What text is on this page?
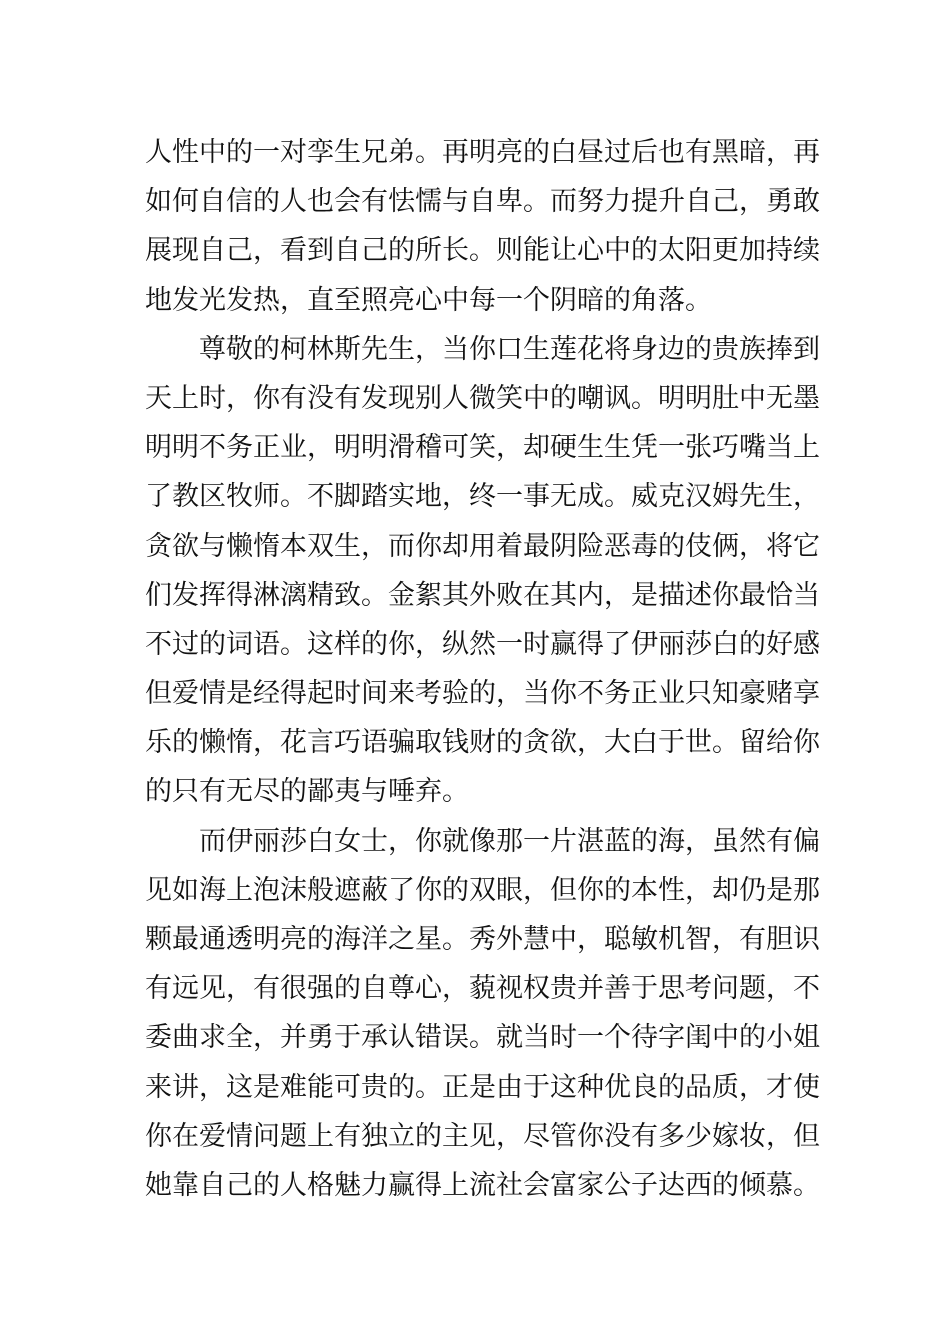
人性中的一对孪生兄弟。再明亮的白昼过后也有黑暗，再
如何自信的人也会有怯懦与自卑。而努力提升自己，勇敢
展现自己，看到自己的所长。则能让心中的太阳更加持续
地发光发热，直至照亮心中每一个阴暗的角落。
尊敬的柯林斯先生，当你口生莲花将身边的贵族捧到
天上时，你有没有发现别人微笑中的嘲讽。明明肚中无墨
明明不务正业，明明滑稽可笑，却硬生生凭一张巧嘴当上
了教区牧师。不脚踏实地，终一事无成。威克汉姆先生，
贪欲与懒惰本双生，而你却用着最阴险恶毒的伎俩，将它
们发挥得淋漓精致。金絮其外败在其内，是描述你最恰当
不过的词语。这样的你，纵然一时赢得了伊丽莎白的好感
但爱情是经得起时间来考验的，当你不务正业只知豪赌享
乐的懒惰，花言巧语骗取钱财的贪欲，大白于世。留给你
的只有无尽的鄙夷与唾弃。
而伊丽莎白女士，你就像那一片湛蓝的海，虽然有偏
见如海上泡沫般遮蔽了你的双眼，但你的本性，却仍是那
颗最通透明亮的海洋之星。秀外慧中，聪敏机智，有胆识
有远见，有很强的自尊心，藐视权贵并善于思考问题，不
委曲求全，并勇于承认错误。就当时一个待字闺中的小姐
来讲，这是难能可贵的。正是由于这种优良的品质，才使
你在爱情问题上有独立的主见，尽管你没有多少嫁妆，但
她靠自己的人格魅力赢得上流社会富家公子达西的倾慕。
